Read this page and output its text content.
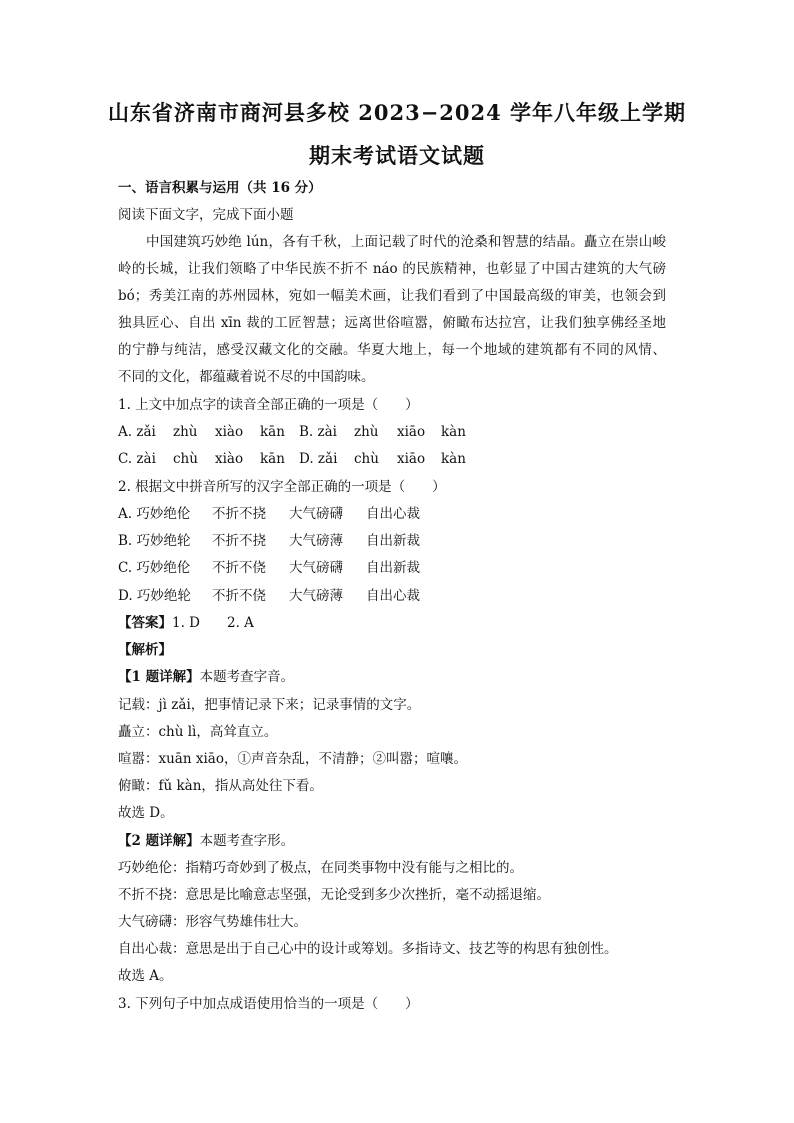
山东省济南市商河县多校 2023−2024 学年八年级上学期
期末考试语文试题
一、语言积累与运用（共 16 分）
阅读下面文字，完成下面小题
中国建筑巧妙绝 lún，各有千秋，上面记载了时代的沧桑和智慧的结晶。矗立在崇山峻
岭的长城，让我们领略了中华民族不折不 náo 的民族精神，也彰显了中国古建筑的大气磅
bó；秀美江南的苏州园林，宛如一幅美术画，让我们看到了中国最高级的审美，也领会到
独具匠心、自出 xīn 裁的工匠智慧；远离世俗喧嚣，俯瞰布达拉宫，让我们独享佛经圣地
的宁静与纯洁，感受汉藏文化的交融。华夏大地上，每一个地域的建筑都有不同的风情、
不同的文化，都蕴藏着说不尽的中国韵味。
1. 上文中加点字的读音全部正确的一项是（　　）
A. zǎi zhù xiào kān B. zài zhù xiāo kàn
C. zài chù xiào kān D. zǎi chù xiāo kàn
2. 根据文中拼音所写的汉字全部正确的一项是（　　）
A. 巧妙绝伦 不折不挠 大气磅礴 自出心裁
B. 巧妙绝轮 不折不挠 大气磅薄 自出新裁
C. 巧妙绝伦 不折不侥 大气磅礴 自出新裁
D. 巧妙绝轮 不折不侥 大气磅薄 自出心裁
【答案】1. D　　2. A
【解析】
【1 题详解】本题考查字音。
记载：jì zǎi，把事情记录下来；记录事情的文字。
矗立：chù lì，高耸直立。
喧嚣：xuān xiāo，①声音杂乱，不清静；②叫嚣；喧嚷。
俯瞰：fǔ kàn，指从高处往下看。
故选 D。
【2 题详解】本题考查字形。
巧妙绝伦：指精巧奇妙到了极点，在同类事物中没有能与之相比的。
不折不挠：意思是比喻意志坚强，无论受到多少次挫折，毫不动摇退缩。
大气磅礴：形容气势雄伟壮大。
自出心裁：意思是出于自己心中的设计或筹划。多指诗文、技艺等的构思有独创性。
故选 A。
3. 下列句子中加点成语使用恰当的一项是（　　）
